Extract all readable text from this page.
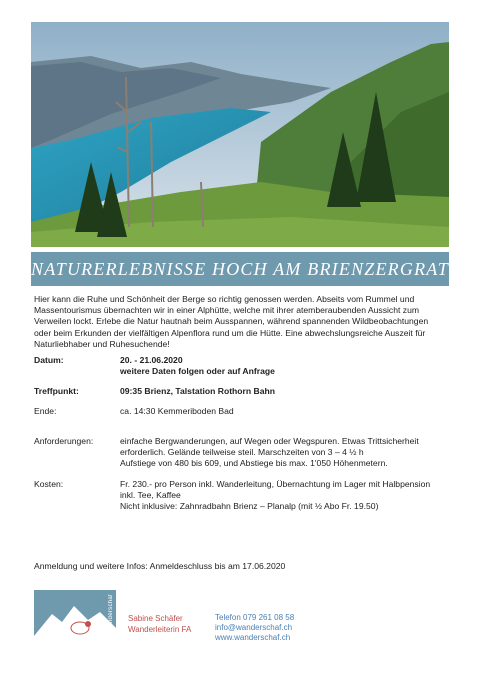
NATURERLEBNISSE HOCH AM BRIENZERGRAT
Hier kann die Ruhe und Schönheit der Berge so richtig genossen werden. Abseits vom Rummel und Massentourismus übernachten wir in einer Alphütte, welche mit ihrer atemberaubenden Aussicht zum Verweilen lockt. Erlebe die Natur hautnah beim Ausspannen, während spannenden Wildbeobachtungen oder beim Erkunden der vielfältigen Alpenflora rund um die Hütte. Eine abwechslungsreiche Auszeit für Naturliebhaber und Ruhesuchende!
Datum:	20. - 21.06.2020
weitere Daten folgen oder auf Anfrage
Treffpunkt:	09:35 Brienz, Talstation Rothorn Bahn
Ende:	ca. 14:30 Kemmeriboden Bad
Anforderungen:	einfache Bergwanderungen, auf Wegen oder Wegspuren. Etwas Trittsicherheit
erforderlich. Gelände teilweise steil. Marschzeiten von 3 – 4 ½ h
Aufstiege von 480 bis 609, und Abstiege bis max. 1'050 Höhenmetern.
Kosten:	Fr. 230.- pro Person inkl. Wanderleitung, Übernachtung im Lager mit Halbpension
inkl. Tee, Kaffee
Nicht inklusive: Zahnradbahn Brienz – Planalp (mit ½ Abo Fr. 19.50)
Anmeldung und weitere Infos: Anmeldeschluss bis am 17.06.2020
wanderschaf Sabine Schäfer
Wanderleiterin FA
Telefon 079 261 08 58
info@wanderschaf.ch
www.wanderschaf.ch
